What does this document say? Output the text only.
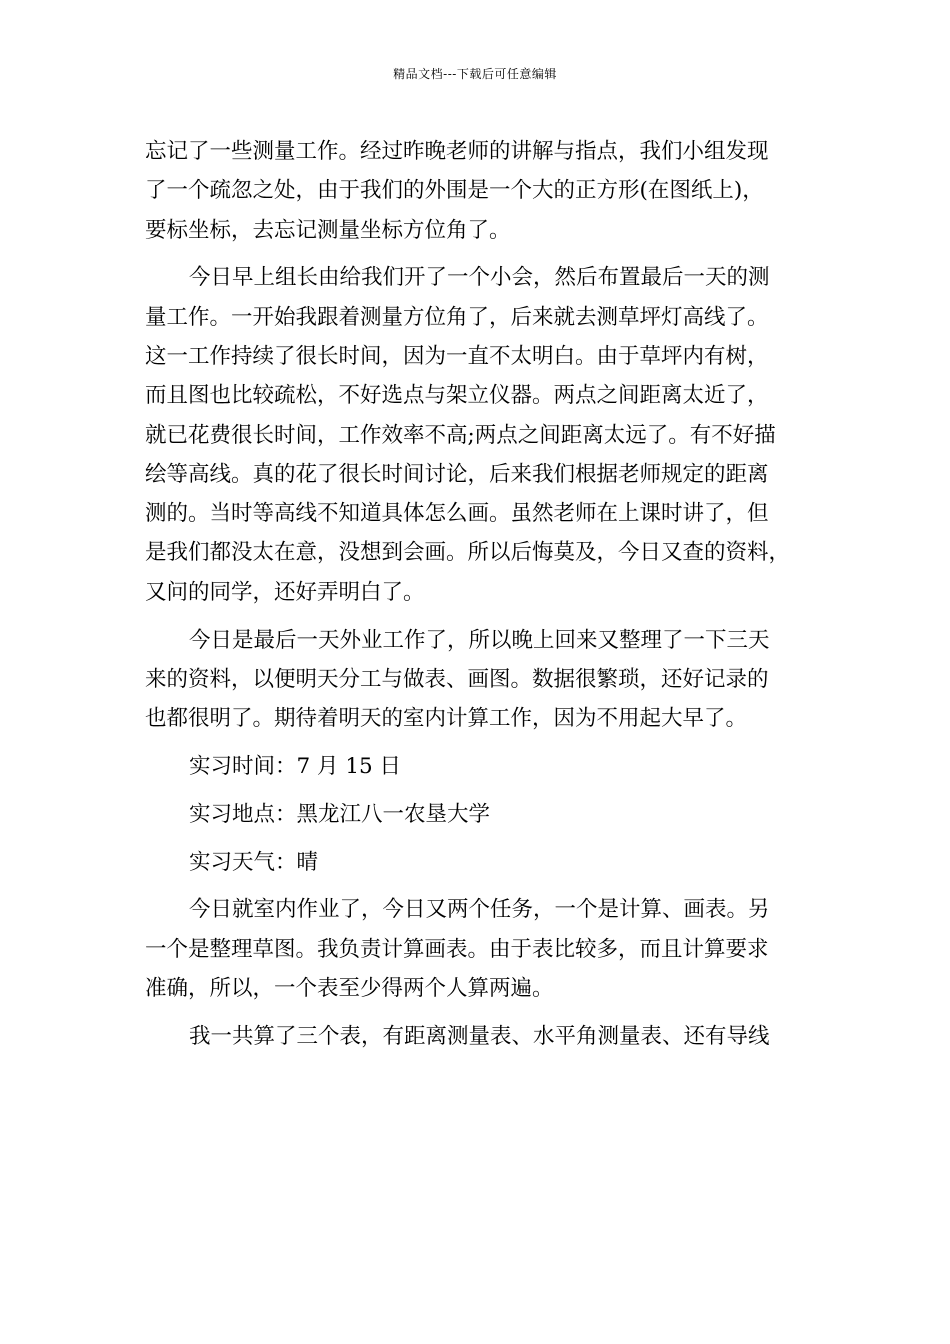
精品文档---下载后可任意编辑
忘记了一些测量工作。经过昨晚老师的讲解与指点，我们小组发现
了一个疏忽之处，由于我们的外围是一个大的正方形(在图纸上)，
要标坐标，去忘记测量坐标方位角了。
今日早上组长由给我们开了一个小会，然后布置最后一天的测
量工作。一开始我跟着测量方位角了，后来就去测草坪灯高线了。
这一工作持续了很长时间，因为一直不太明白。由于草坪内有树，
而且图也比较疏松，不好选点与架立仪器。两点之间距离太近了，
就已花费很长时间，工作效率不高;两点之间距离太远了。有不好描
绘等高线。真的花了很长时间讨论，后来我们根据老师规定的距离
测的。当时等高线不知道具体怎么画。虽然老师在上课时讲了，但
是我们都没太在意，没想到会画。所以后悔莫及，今日又查的资料，
又问的同学，还好弄明白了。
今日是最后一天外业工作了，所以晚上回来又整理了一下三天
来的资料，以便明天分工与做表、画图。数据很繁琐，还好记录的
也都很明了。期待着明天的室内计算工作，因为不用起大早了。
实习时间：7 月 15 日
实习地点：黑龙江八一农垦大学
实习天气：晴
今日就室内作业了，今日又两个任务，一个是计算、画表。另
一个是整理草图。我负责计算画表。由于表比较多，而且计算要求
准确，所以，一个表至少得两个人算两遍。
我一共算了三个表，有距离测量表、水平角测量表、还有导线
